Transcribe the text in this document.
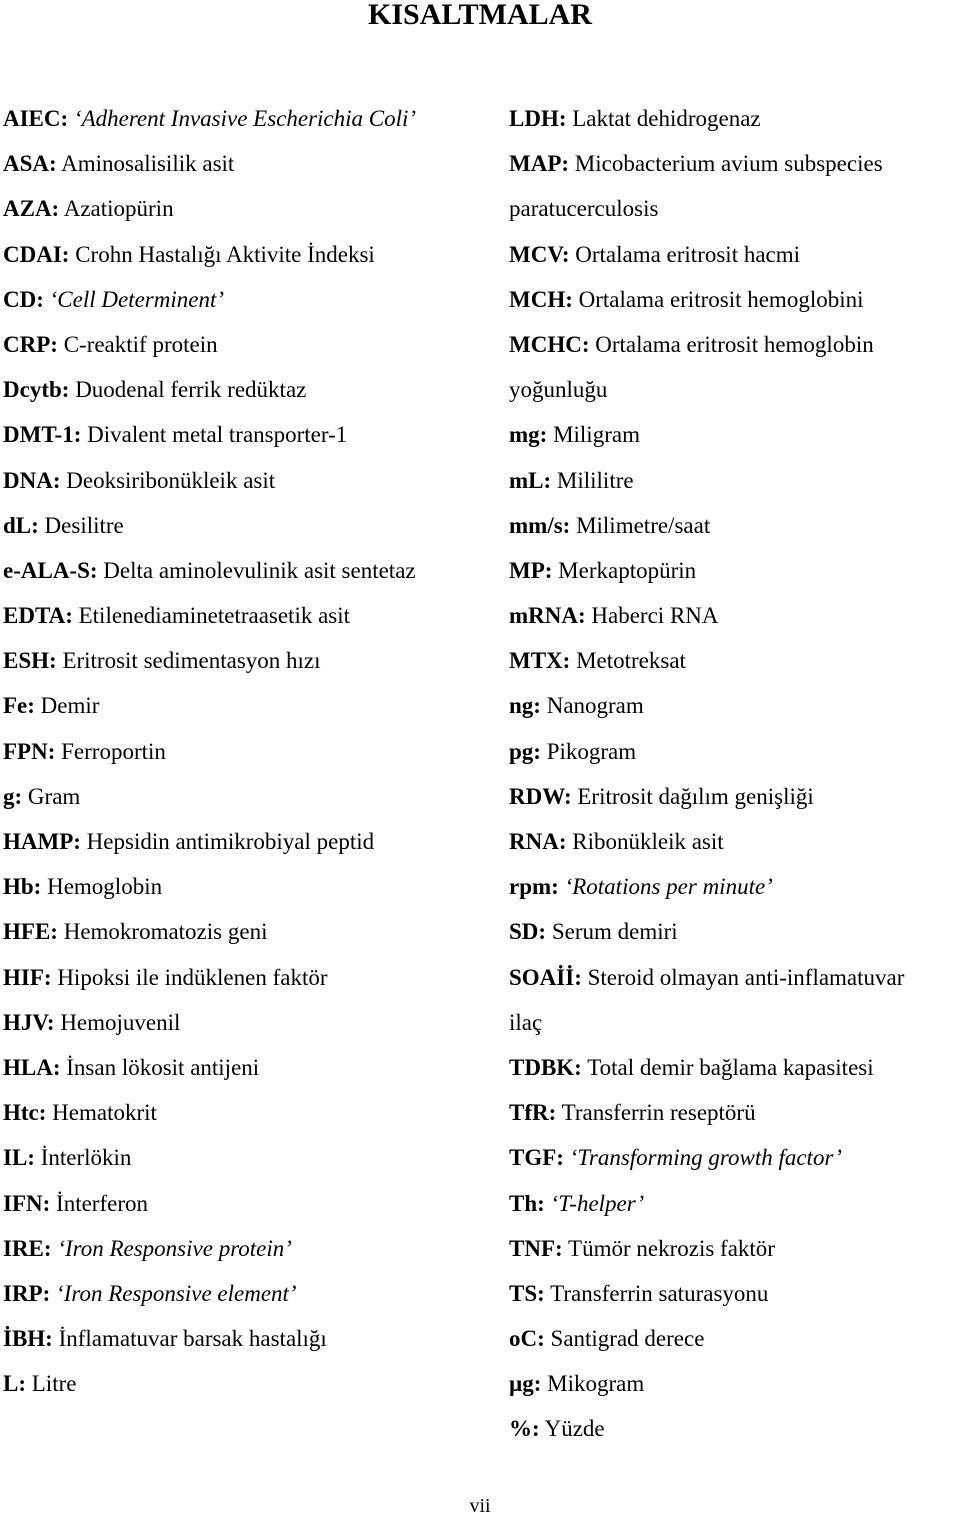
KISALTMALAR
AIEC: ‘Adherent Invasive Escherichia Coli’
ASA: Aminosalisilik asit
AZA: Azatiopürin
CDAI: Crohn Hastalığı Aktivite İndeksi
CD: ‘Cell Determinent’
CRP: C-reaktif protein
Dcytb: Duodenal ferrik redüktaz
DMT-1: Divalent metal transporter-1
DNA: Deoksiribonükleik asit
dL: Desilitre
e-ALA-S: Delta aminolevulinik asit sentetaz
EDTA: Etilenediaminetetraasetik asit
ESH: Eritrosit sedimentasyon hızı
Fe: Demir
FPN: Ferroportin
g: Gram
HAMP: Hepsidin antimikrobiyal peptid
Hb: Hemoglobin
HFE: Hemokromatozis geni
HIF: Hipoksi ile indüklenen faktör
HJV: Hemojuvenil
HLA: İnsan lökosit antijeni
Htc: Hematokrit
IL: İnterlökin
IFN: İnterferon
IRE: ‘Iron Responsive protein’
IRP: ‘Iron Responsive element’
İBH: İnflamatuvar barsak hastalığı
L: Litre
LDH: Laktat dehidrogenaz
MAP: Micobacterium avium subspecies
paratucerculosis
MCV: Ortalama eritrosit hacmi
MCH: Ortalama eritrosit hemoglobini
MCHC: Ortalama eritrosit hemoglobin
yoğunluğu
mg: Miligram
mL: Mililitre
mm/s: Milimetre/saat
MP: Merkaptopürin
mRNA: Haberci RNA
MTX: Metotreksat
ng: Nanogram
pg: Pikogram
RDW: Eritrosit dağılım genişliği
RNA: Ribonükleik asit
rpm: ‘Rotations per minute’
SD: Serum demiri
SOAİİ: Steroid olmayan anti-inflamatuvar
ilaç
TDBK: Total demir bağlama kapasitesi
TfR: Transferrin reseptörü
TGF: ‘Transforming growth factor’
Th: ‘T-helper’
TNF: Tümör nekrozis faktör
TS: Transferrin saturasyonu
oC: Santigrad derece
µg: Mikogram
%: Yüzde
vii
